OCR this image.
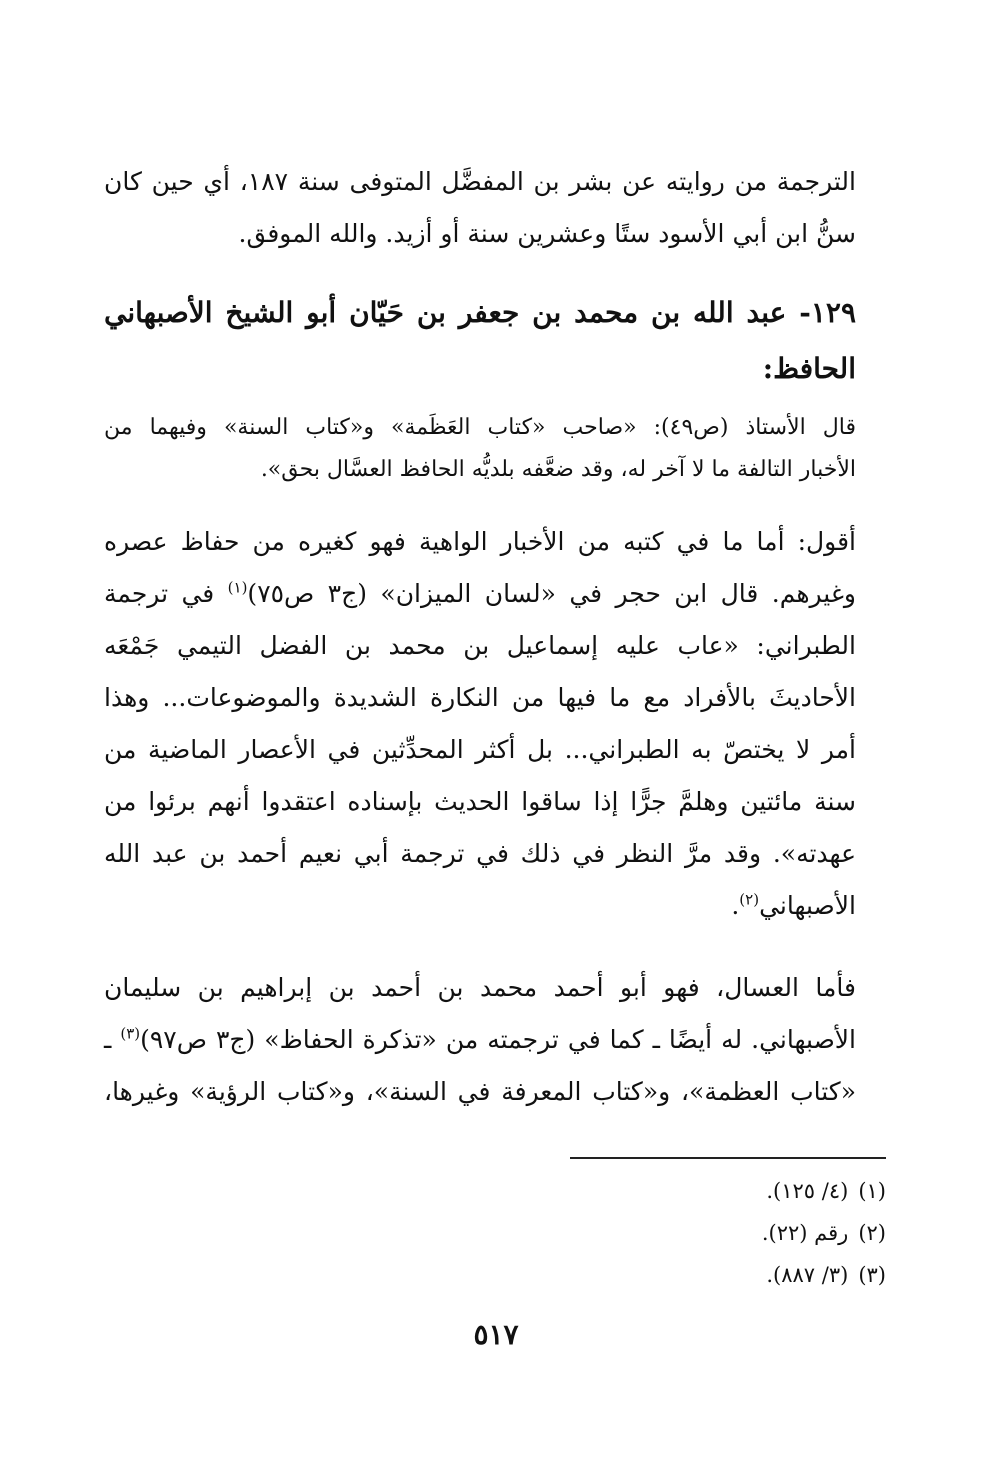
الترجمة من روايته عن بشر بن المفضَّل المتوفى سنة ١٨٧، أي حين كان
سنُّ ابن أبي الأسود ستًا وعشرين سنة أو أزيد. والله الموفق.
١٢٩- عبد الله بن محمد بن جعفر بن حَيّان أبو الشيخ الأصبهاني
الحافظ:
قال الأستاذ (ص٤٩): «صاحب «كتاب العَظَمة» و«كتاب السنة» وفيهما من
الأخبار التالفة ما لا آخر له، وقد ضعَّفه بلديُّه الحافظ العسَّال بحق».
أقول: أما ما في كتبه من الأخبار الواهية فهو كغيره من حفاظ عصره
وغيرهم. قال ابن حجر في «لسان الميزان» (ج٣ ص٧٥)$^{(١)}$ في ترجمة
الطبراني: «عاب عليه إسماعيل بن محمد بن الفضل التيمي جَمْعَه
الأحاديثَ بالأفراد مع ما فيها من النكارة الشديدة والموضوعات... وهذا
أمر لا يختصّ به الطبراني... بل أكثر المحدِّثين في الأعصار الماضية من
سنة مائتين وهلمَّ جرًّا إذا ساقوا الحديث بإسناده اعتقدوا أنهم برئوا من
عهدته». وقد مرَّ النظر في ذلك في ترجمة أبي نعيم أحمد بن عبد الله
الأصبهاني$^{(٢)}$.
فأما العسال، فهو أبو أحمد محمد بن أحمد بن إبراهيم بن سليمان
الأصبهاني. له أيضًا ـ كما في ترجمته من «تذكرة الحفاظ» (ج٣ ص٩٧)$^{(٣)}$ ـ
«كتاب العظمة»، و«كتاب المعرفة في السنة»، و«كتاب الرؤية» وغيرها،
(١)(٤/ ١٢٥).
(٢)رقم (٢٢).
(٣)(٣/ ٨٨٧).
٥١٧
